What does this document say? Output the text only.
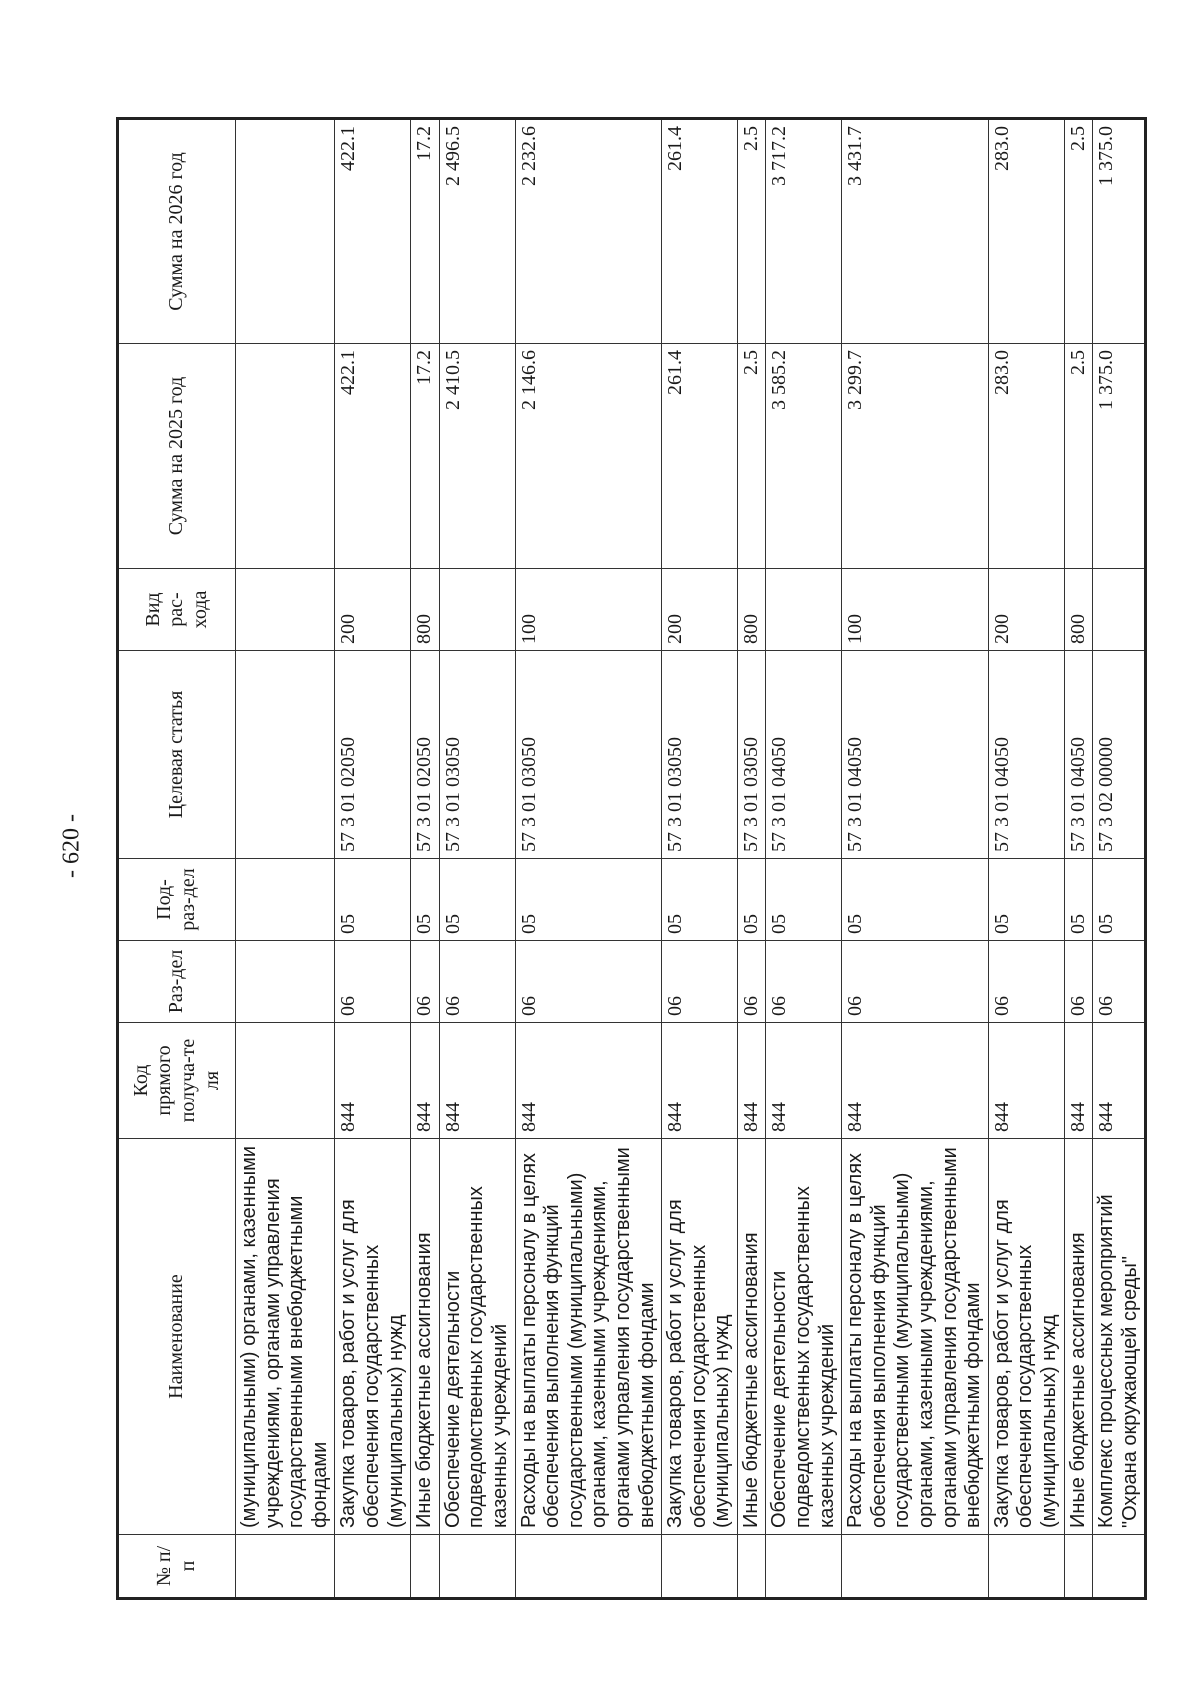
- 620 -
№ п/п	Наименование	Код прямого получа-те ля	Раз-дел	Под-раз-дел	Целевая статья	Вид рас-хода	Сумма на 2025 год	Сумма на 2026 год
	(муниципальными) органами, казенными учреждениями, органами управления государственными внебюджетными фондами							
	Закупка товаров, работ и услуг для обеспечения государственных (муниципальных) нужд	844	06	05	57 3 01 02050	200	422.1	422.1
	Иные бюджетные ассигнования	844	06	05	57 3 01 02050	800	17.2	17.2
	Обеспечение деятельности подведомственных государственных казенных учреждений	844	06	05	57 3 01 03050		2 410.5	2 496.5
	Расходы на выплаты персоналу в целях обеспечения выполнения функций государственными (муниципальными) органами, казенными учреждениями, органами управления государственными внебюджетными фондами	844	06	05	57 3 01 03050	100	2 146.6	2 232.6
	Закупка товаров, работ и услуг для обеспечения государственных (муниципальных) нужд	844	06	05	57 3 01 03050	200	261.4	261.4
	Иные бюджетные ассигнования	844	06	05	57 3 01 03050	800	2.5	2.5
	Обеспечение деятельности подведомственных государственных казенных учреждений	844	06	05	57 3 01 04050		3 585.2	3 717.2
	Расходы на выплаты персоналу в целях обеспечения выполнения функций государственными (муниципальными) органами, казенными учреждениями, органами управления государственными внебюджетными фондами	844	06	05	57 3 01 04050	100	3 299.7	3 431.7
	Закупка товаров, работ и услуг для обеспечения государственных (муниципальных) нужд	844	06	05	57 3 01 04050	200	283.0	283.0
	Иные бюджетные ассигнования	844	06	05	57 3 01 04050	800	2.5	2.5
	Комплекс процессных мероприятий "Охрана окружающей среды"	844	06	05	57 3 02 00000		1 375.0	1 375.0
